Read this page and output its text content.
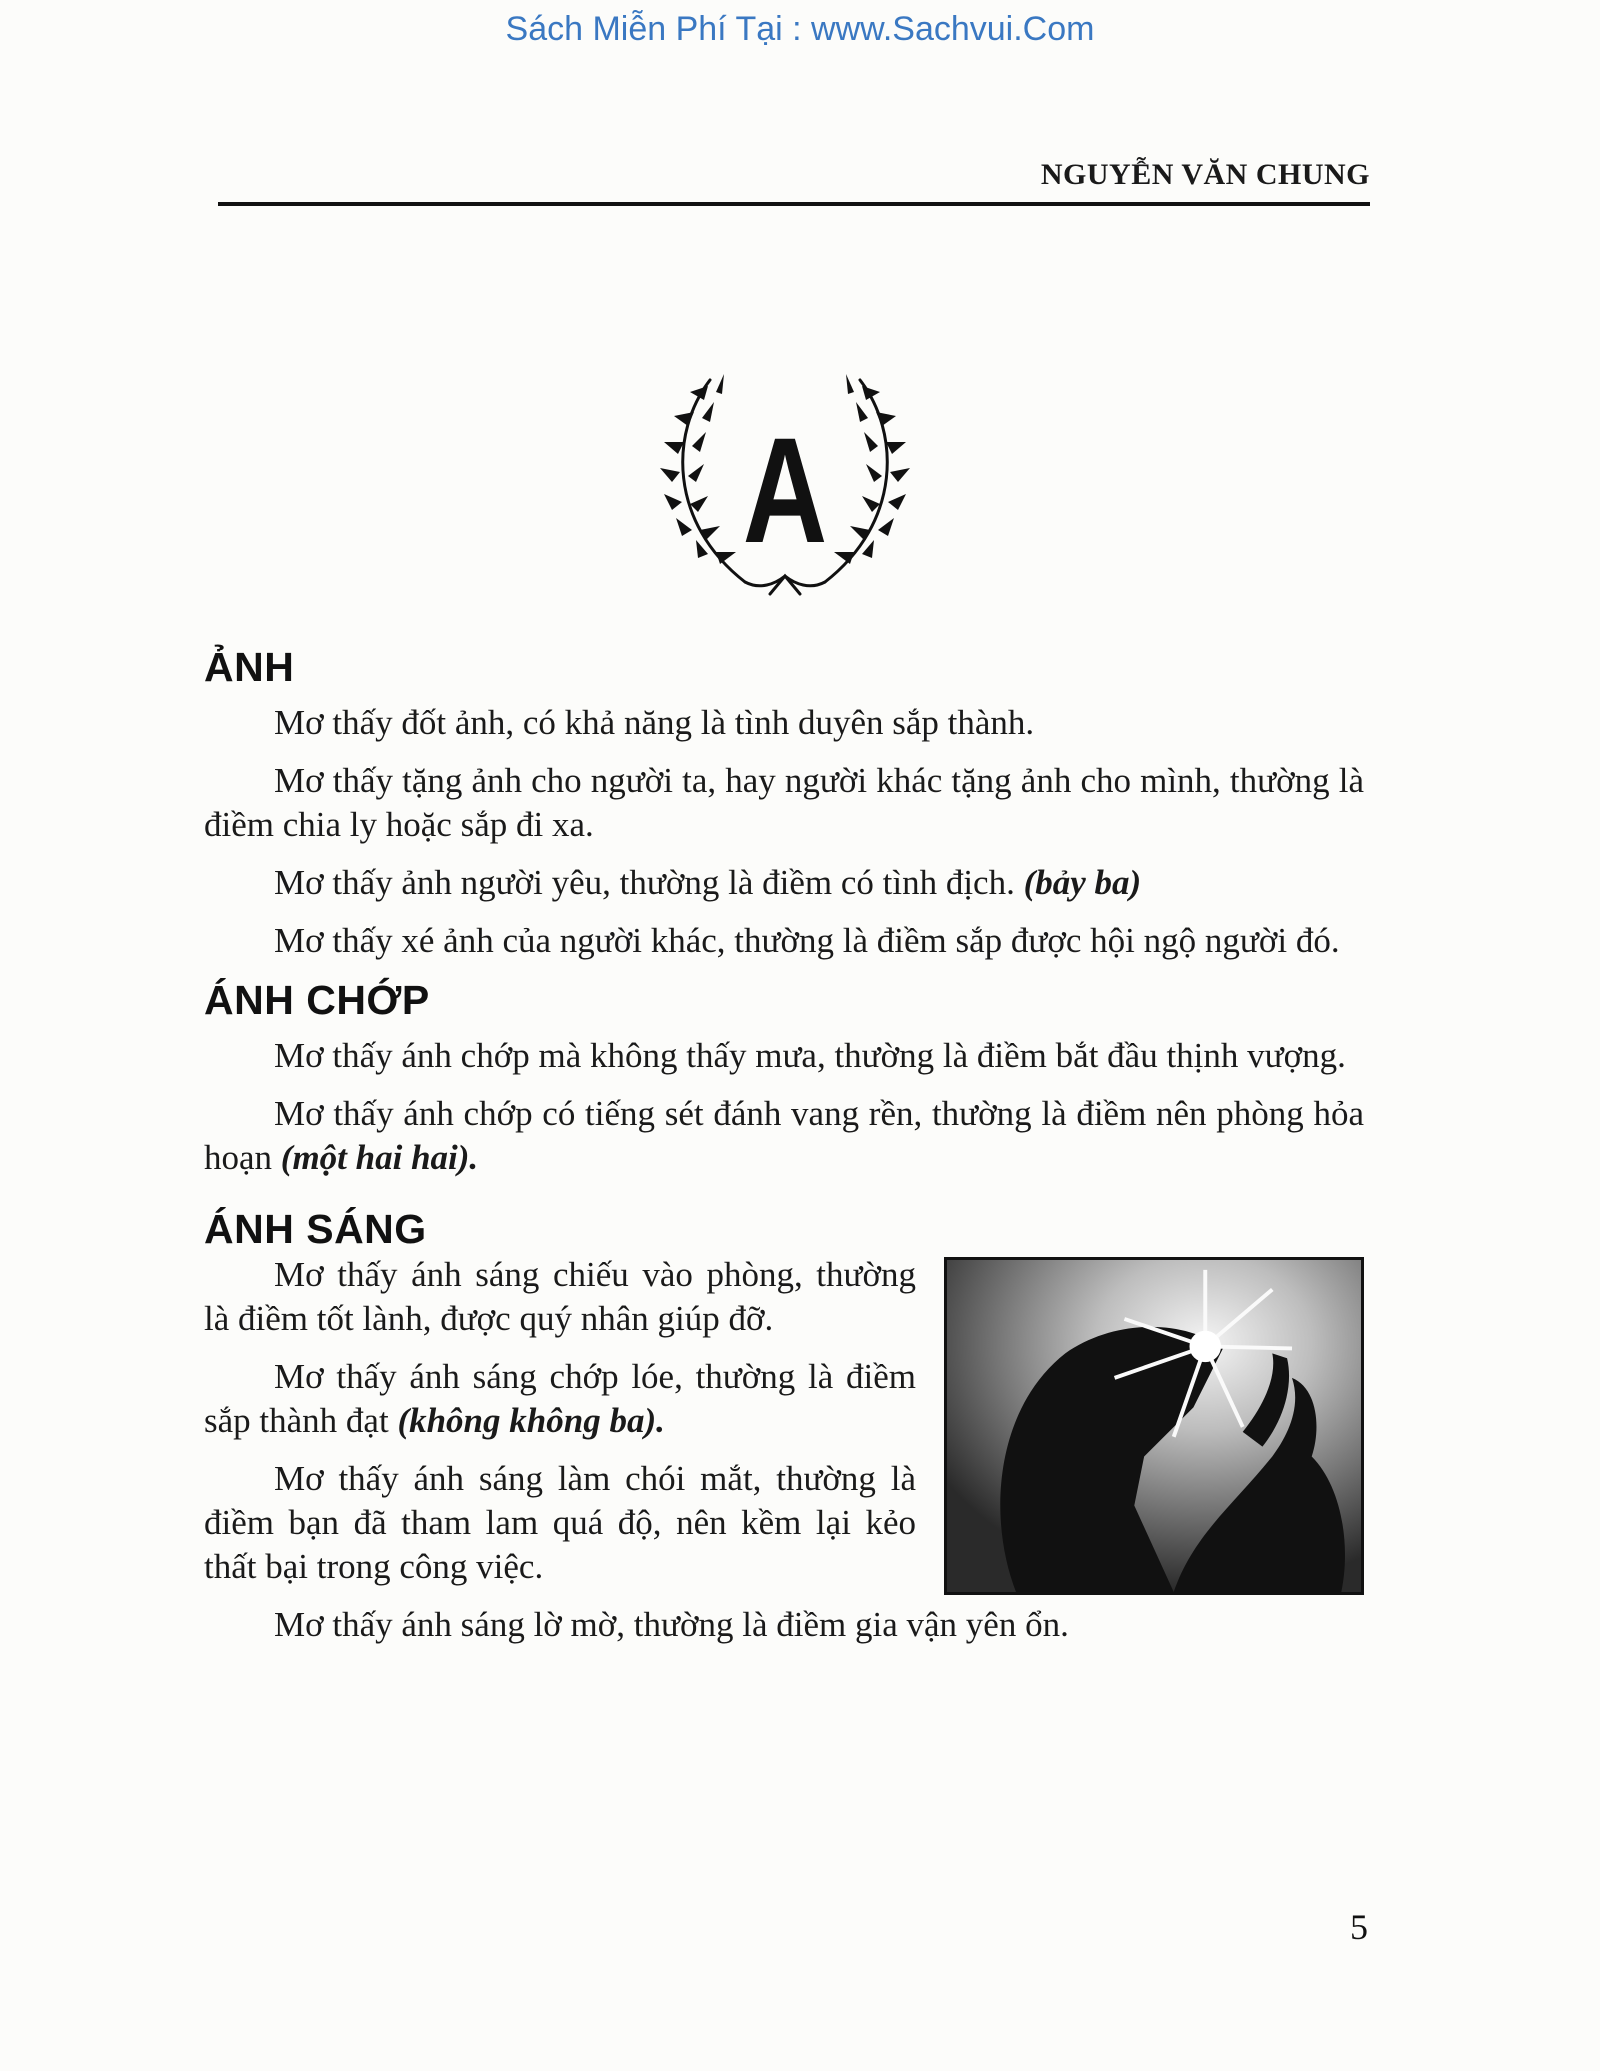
Sách Miễn Phí Tại : www.Sachvui.Com
NGUYỄN VĂN CHUNG
A
ẢNH

Mơ thấy đốt ảnh, có khả năng là tình duyên sắp thành.

Mơ thấy tặng ảnh cho người ta, hay người khác tặng ảnh cho mình, thường là điềm chia ly hoặc sắp đi xa.

Mơ thấy ảnh người yêu, thường là điềm có tình địch. (bảy ba)

Mơ thấy xé ảnh của người khác, thường là điềm sắp được hội ngộ người đó.

ÁNH CHỚP

Mơ thấy ánh chớp mà không thấy mưa, thường là điềm bắt đầu thịnh vượng.

Mơ thấy ánh chớp có tiếng sét đánh vang rền, thường là điềm nên phòng hỏa hoạn (một hai hai).

ÁNH SÁNG

Mơ thấy ánh sáng chiếu vào phòng, thường là điềm tốt lành, được quý nhân giúp đỡ.

Mơ thấy ánh sáng chớp lóe, thường là điềm sắp thành đạt (không không ba).

Mơ thấy ánh sáng làm chói mắt, thường là điềm bạn đã tham lam quá độ, nên kềm lại kẻo thất bại trong công việc.

Mơ thấy ánh sáng lờ mờ, thường là điềm gia vận yên ổn.

5
